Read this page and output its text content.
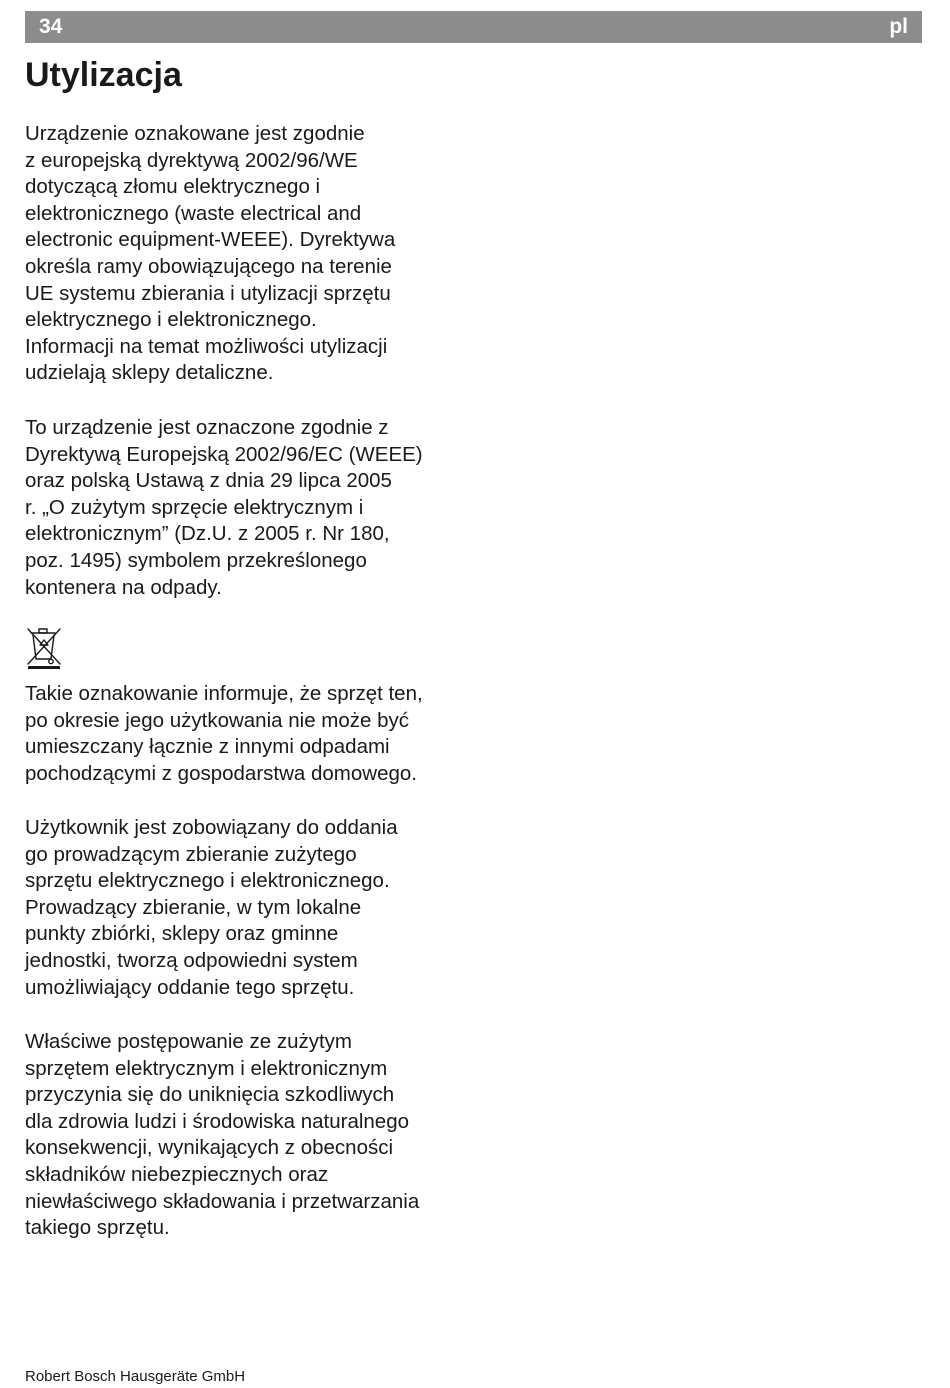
34	pl
Utylizacja

Urządzenie oznakowane jest zgodnie
z europejską dyrektywą 2002/96/WE
dotyczącą złomu elektrycznego i
elektronicznego (waste electrical and
electronic equipment-WEEE). Dyrektywa
określa ramy obowiązującego na terenie
UE systemu zbierania i utylizacji sprzętu
elektrycznego i elektronicznego.
Informacji na temat możliwości utylizacji
udzielają sklepy detaliczne.

To urządzenie jest oznaczone zgodnie z
Dyrektywą Europejską 2002/96/EC (WEEE)
oraz polską Ustawą z dnia 29 lipca 2005
r. „O zużytym sprzęcie elektrycznym i
elektronicznym” (Dz.U. z 2005 r. Nr 180,
poz. 1495) symbolem przekreślonego
kontenera na odpady.

Takie oznakowanie informuje, że sprzęt ten,
po okresie jego użytkowania nie może być
umieszczany łącznie z innymi odpadami
pochodzącymi z gospodarstwa domowego.

Użytkownik jest zobowiązany do oddania
go prowadzącym zbieranie zużytego
sprzętu elektrycznego i elektronicznego.
Prowadzący zbieranie, w tym lokalne
punkty zbiórki, sklepy oraz gminne
jednostki, tworzą odpowiedni system
umożliwiający oddanie tego sprzętu.

Właściwe postępowanie ze zużytym
sprzętem elektrycznym i elektronicznym
przyczynia się do uniknięcia szkodliwych
dla zdrowia ludzi i środowiska naturalnego
konsekwencji, wynikających z obecności
składników niebezpiecznych oraz
niewłaściwego składowania i przetwarzania
takiego sprzętu.

Robert Bosch Hausgeräte GmbH
